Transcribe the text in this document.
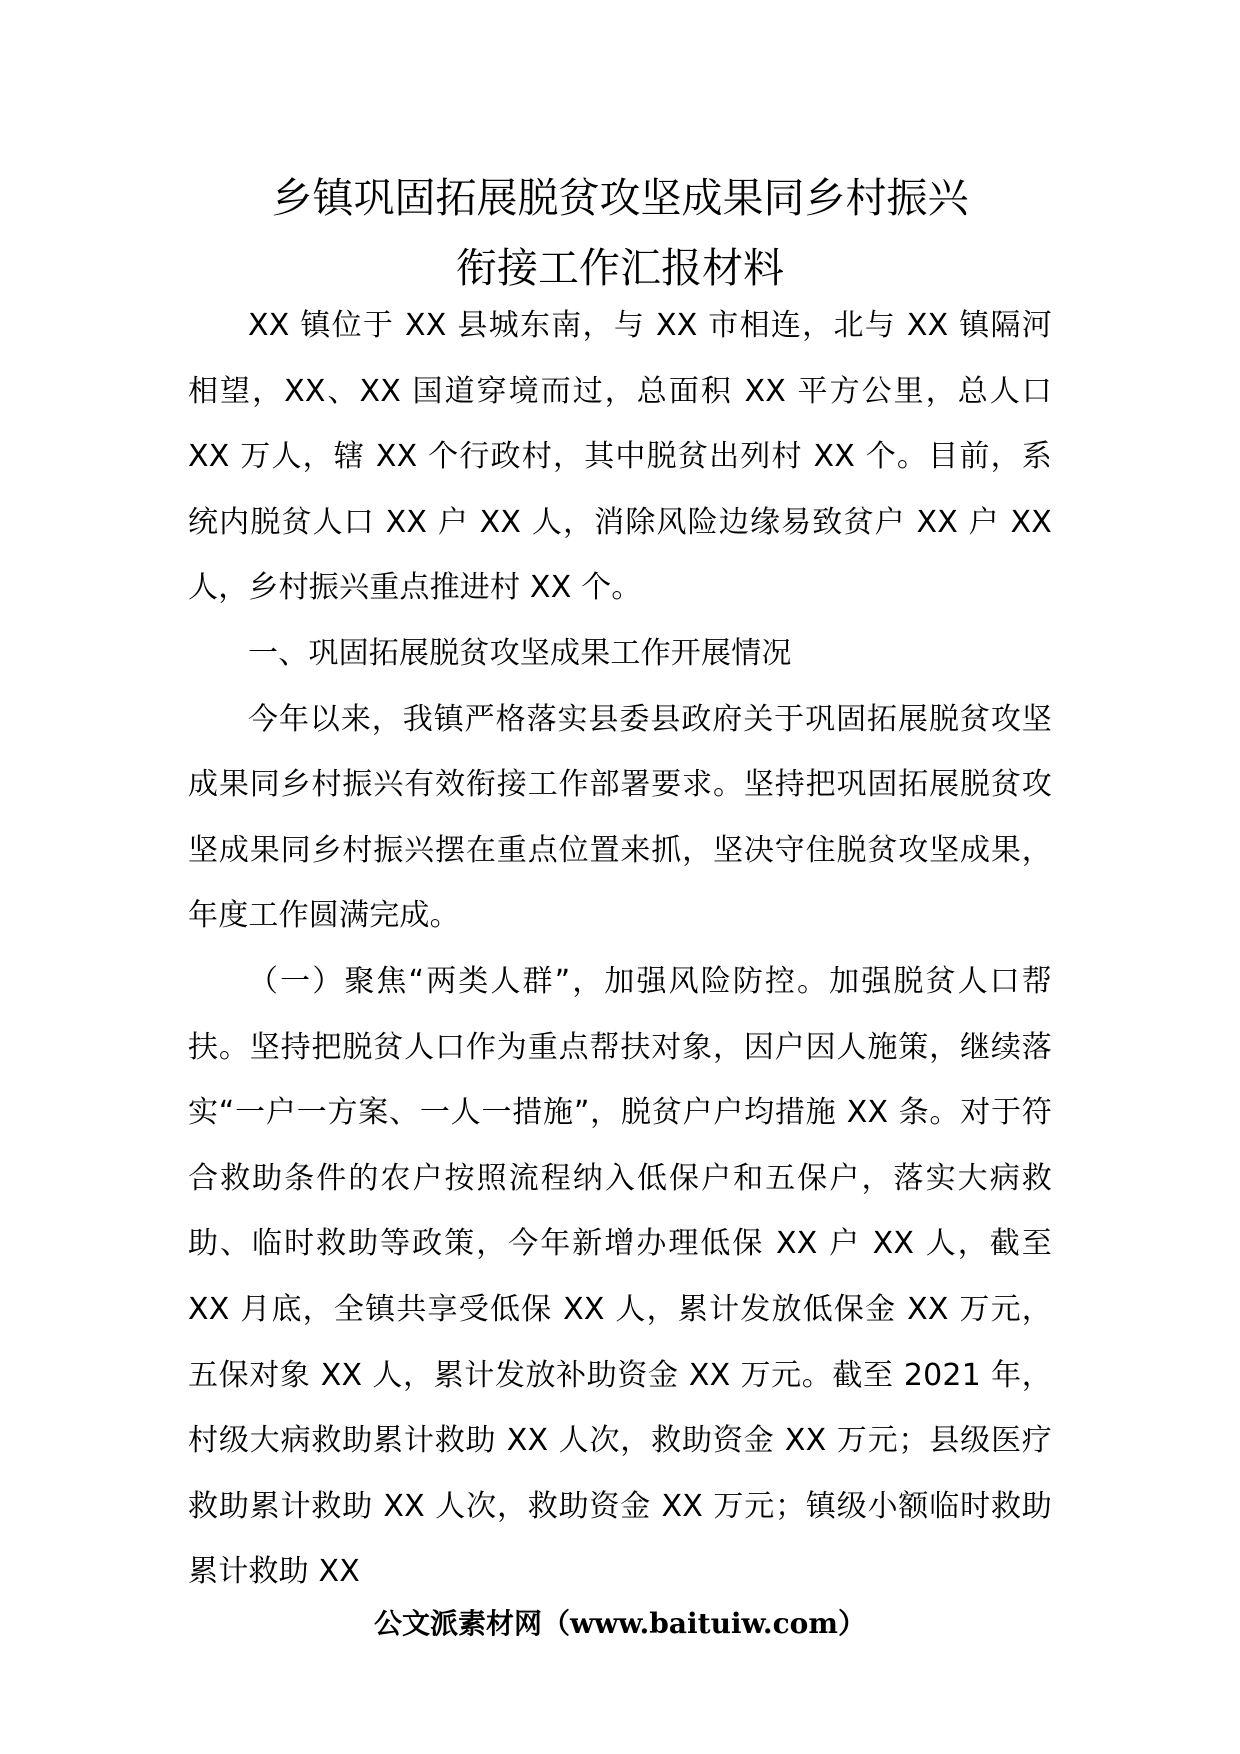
乡镇巩固拓展脱贫攻坚成果同乡村振兴
衔接工作汇报材料

XX 镇位于 XX 县城东南，与 XX 市相连，北与 XX 镇隔河相望，XX、XX 国道穿境而过，总面积 XX 平方公里，总人口 XX 万人，辖 XX 个行政村，其中脱贫出列村 XX 个。目前，系统内脱贫人口 XX 户 XX 人，消除风险边缘易致贫户 XX 户 XX 人，乡村振兴重点推进村 XX 个。

一、巩固拓展脱贫攻坚成果工作开展情况

今年以来，我镇严格落实县委县政府关于巩固拓展脱贫攻坚成果同乡村振兴有效衔接工作部署要求。坚持把巩固拓展脱贫攻坚成果同乡村振兴摆在重点位置来抓，坚决守住脱贫攻坚成果，年度工作圆满完成。

（一）聚焦“两类人群”，加强风险防控。加强脱贫人口帮扶。坚持把脱贫人口作为重点帮扶对象，因户因人施策，继续落实“一户一方案、一人一措施”，脱贫户户均措施 XX 条。对于符合救助条件的农户按照流程纳入低保户和五保户，落实大病救助、临时救助等政策，今年新增办理低保 XX 户 XX 人，截至 XX 月底，全镇共享受低保 XX 人，累计发放低保金 XX 万元，五保对象 XX 人，累计发放补助资金 XX 万元。截至 2021 年，村级大病救助累计救助 XX 人次，救助资金 XX 万元；县级医疗救助累计救助 XX 人次，救助资金 XX 万元；镇级小额临时救助累计救助 XX

公文派素材网（www.baituiw.com）
